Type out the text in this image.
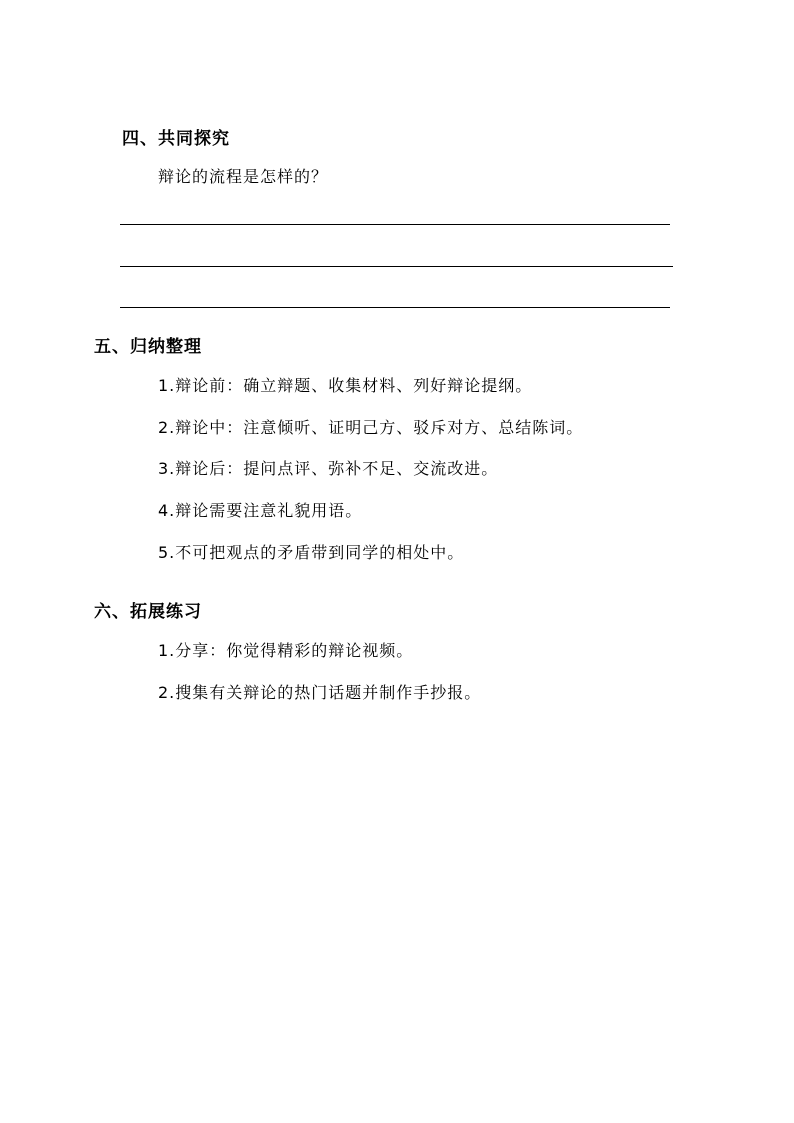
四、共同探究
辩论的流程是怎样的？
五、归纳整理
1.辩论前：确立辩题、收集材料、列好辩论提纲。
2.辩论中：注意倾听、证明己方、驳斥对方、总结陈词。
3.辩论后：提问点评、弥补不足、交流改进。
4.辩论需要注意礼貌用语。
5.不可把观点的矛盾带到同学的相处中。
六、拓展练习
1.分享：你觉得精彩的辩论视频。
2.搜集有关辩论的热门话题并制作手抄报。
